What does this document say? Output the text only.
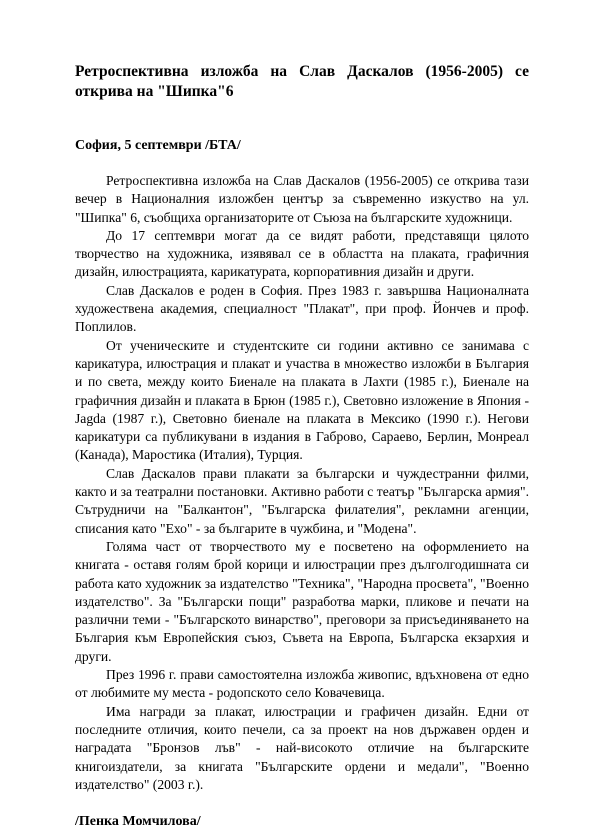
Ретроспективна изложба на Слав Даскалов (1956-2005) се открива на "Шипка"6

София, 5 септември /БТА/

Ретроспективна изложба на Слав Даскалов (1956-2005) се открива тази вечер в Националния изложбен център за съвременно изкуство на ул. "Шипка" 6, съобщиха организаторите от Съюза на българските художници.

До 17 септември могат да се видят работи, представящи цялото творчество на художника, изявявал се в областта на плаката, графичния дизайн, илюстрацията, карикатурата, корпоративния дизайн и други.

Слав Даскалов е роден в София. През 1983 г. завършва Националната художествена академия, специалност "Плакат", при проф. Йончев и проф. Поплилов.

От ученическите и студентските си години активно се занимава с карикатура, илюстрация и плакат и участва в множество изложби в България и по света, между които Биенале на плаката в Лахти (1985 г.), Биенале на графичния дизайн и плаката в Брюн (1985 г.), Световно изложение в Япония - Jagda (1987 г.), Световно биенале на плаката в Мексико (1990 г.). Негови карикатури са публикувани в издания в Габрово, Сараево, Берлин, Монреал (Канада), Маростика (Италия), Турция.

Слав Даскалов прави плакати за български и чуждестранни филми, както и за театрални постановки. Активно работи с театър "Българска армия". Сътрудничи на "Балкантон", "Българска филателия", рекламни агенции, списания като "Ехо" - за българите в чужбина, и "Модена".

Голяма част от творчеството му е посветено на оформлението на книгата - оставя голям брой корици и илюстрации през дълголгодишната си работа като художник за издателство "Техника", "Народна просвета", "Военно издателство". За "Български пощи" разработва марки, пликове и печати на различни теми - "Българското винарство", преговори за присъединяването на България към Европейския съюз, Съвета на Европа, Българска екзархия и други.

През 1996 г. прави самостоятелна изложба живопис, вдъхновена от едно от любимите му места - родопското село Ковачевица.

Има награди за плакат, илюстрации и графичен дизайн. Едни от последните отличия, които печели, са за проект на нов държавен орден и наградата "Бронзов лъв" - най-високото отличие на българските книгоиздатели, за книгата "Българските ордени и медали", "Военно издателство" (2003 г.).

/Пенка Момчилова/
